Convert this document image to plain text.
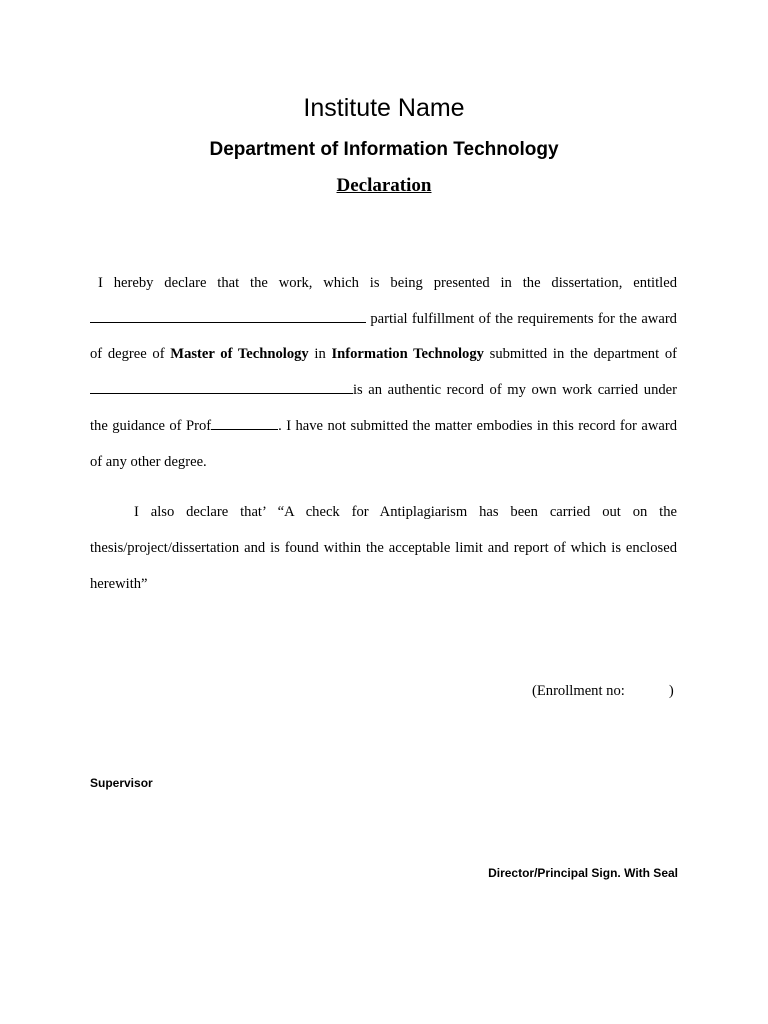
Institute Name
Department of Information Technology
Declaration
I hereby declare that the work, which is being presented in the dissertation, entitled  partial fulfillment of the requirements for the award of degree of Master of Technology in Information Technology submitted in the department of is an authentic record of my own work carried under the guidance of Prof	. I have not submitted the matter embodies in this record for award of any other degree.
I also declare that’ “A check for Antiplagiarism has been carried out on the thesis/project/dissertation and is found within the acceptable limit and report of which is enclosed herewith”
(Enrollment no:	)
Supervisor
Director/Principal Sign. With Seal
